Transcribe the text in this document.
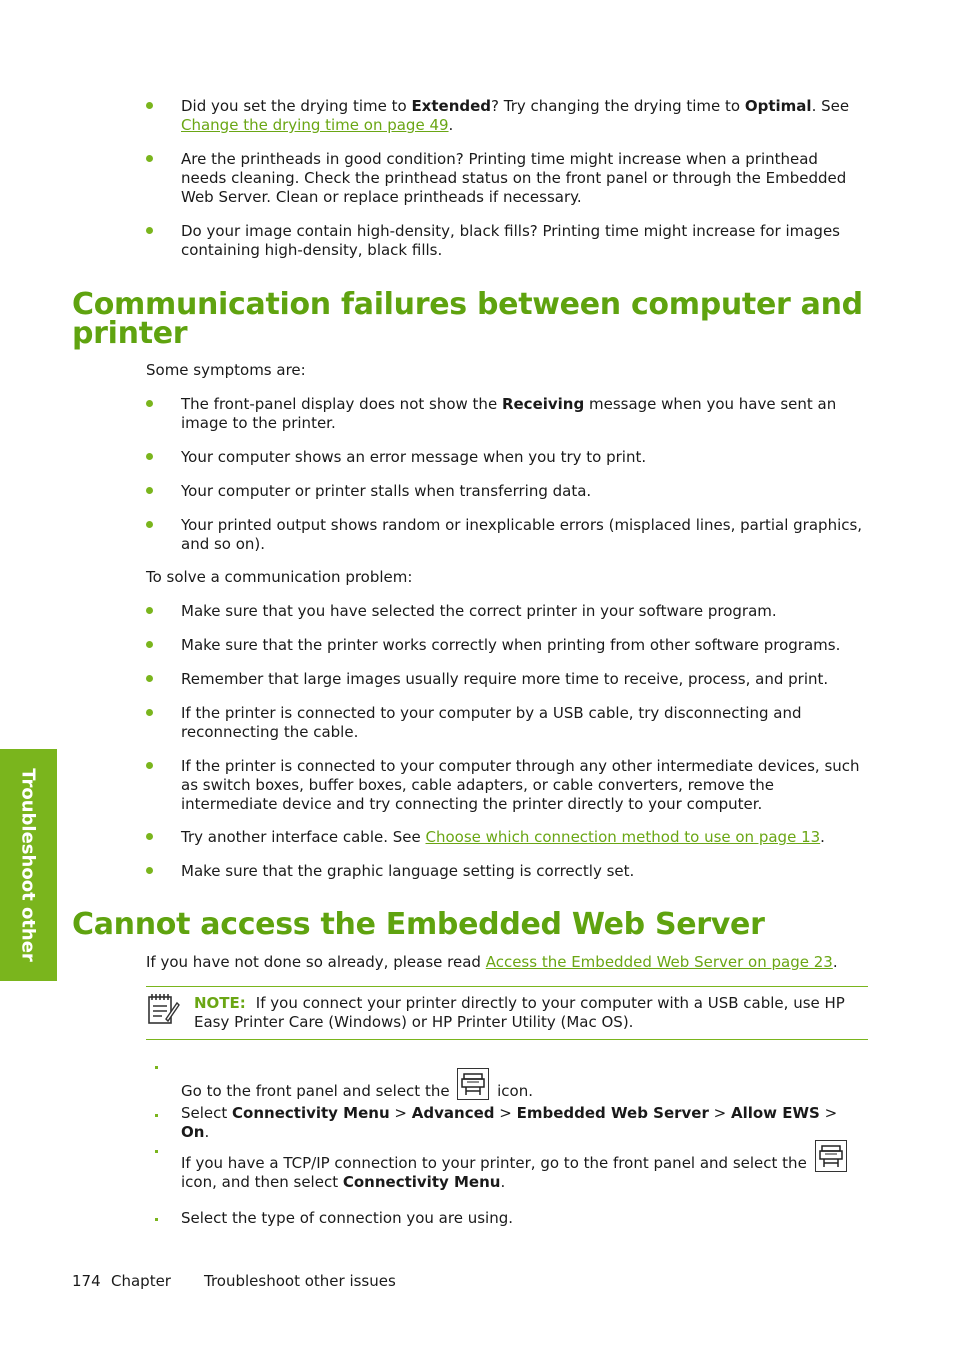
Did you set the drying time to Extended? Try changing the drying time to Optimal. See Change the drying time on page 49.
Are the printheads in good condition? Printing time might increase when a printhead needs cleaning. Check the printhead status on the front panel or through the Embedded Web Server. Clean or replace printheads if necessary.
Do your image contain high-density, black fills? Printing time might increase for images containing high-density, black fills.
Communication failures between computer and
printer

Some symptoms are:

The front-panel display does not show the Receiving message when you have sent an image to the printer.
Your computer shows an error message when you try to print.
Your computer or printer stalls when transferring data.
Your printed output shows random or inexplicable errors (misplaced lines, partial graphics, and so on).

To solve a communication problem:

Make sure that you have selected the correct printer in your software program.
Make sure that the printer works correctly when printing from other software programs.
Remember that large images usually require more time to receive, process, and print.
If the printer is connected to your computer by a USB cable, try disconnecting and reconnecting the cable.
If the printer is connected to your computer through any other intermediate devices, such as switch boxes, buffer boxes, cable adapters, or cable converters, remove the intermediate device and try connecting the printer directly to your computer.
Try another interface cable. See Choose which connection method to use on page 13.
Make sure that the graphic language setting is correctly set.
Cannot access the Embedded Web Server

If you have not done so already, please read Access the Embedded Web Server on page 23.

NOTE: If you connect your printer directly to your computer with a USB cable, use HP Easy Printer Care (Windows) or HP Printer Utility (Mac OS).
Go to the front panel and select the	icon.
Select Connectivity Menu > Advanced > Embedded Web Server > Allow EWS > On.
If you have a TCP/IP connection to your printer, go to the front panel and select the  icon, and then select Connectivity Menu.
Select the type of connection you are using.
Troubleshoot other
174 Chapter Troubleshoot other issues
